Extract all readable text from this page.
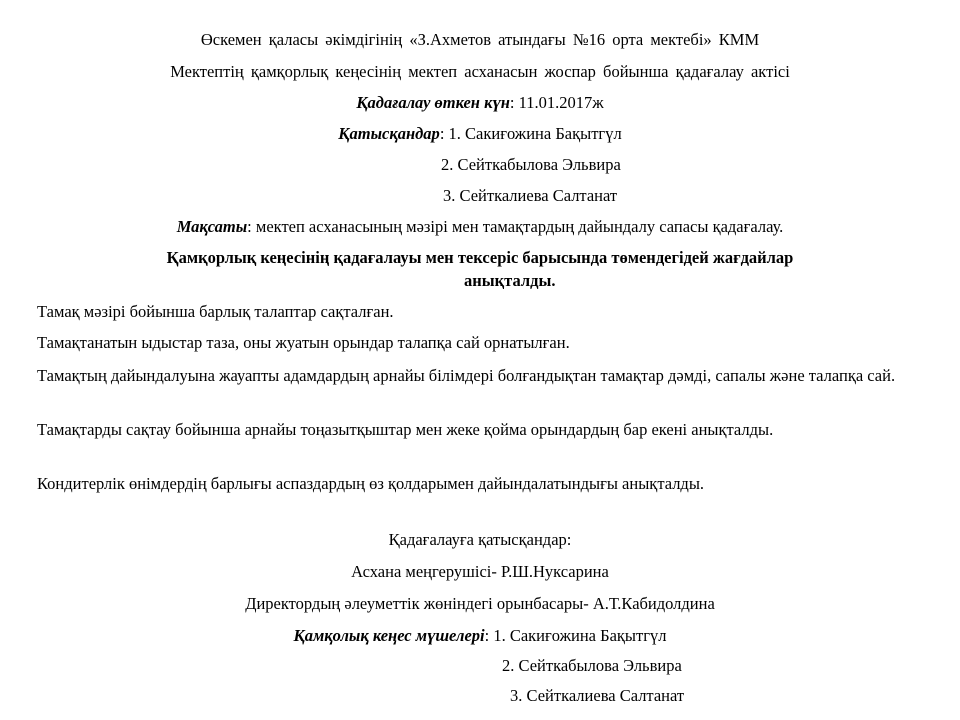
Өскемен қаласы әкімдігінің «З.Ахметов атындағы №16 орта мектебі» КММ
Мектептің қамқорлық кеңесінің мектеп асханасын жоспар бойынша қадағалау актісі
Қадағалау өткен күн: 11.01.2017ж
Қатысқандар: 1. Сакиғожина Бақытгүл
2. Сейткабылова Эльвира
3. Сейткалиева Салтанат
Мақсаты: мектеп асханасының мәзірі мен тамақтардың дайындалу сапасы қадағалау.
Қамқорлық кеңесінің қадағалауы мен тексеріс барысында төмендегідей жағдайлар
анықталды.
Тамақ мәзірі бойынша барлық талаптар сақталған.
Тамақтанатын ыдыстар таза, оны жуатын орындар талапқа сай орнатылған.
Тамақтың дайындалуына жауапты адамдардың арнайы білімдері болғандықтан тамақтар дәмді, сапалы және талапқа сай.
Тамақтарды сақтау бойынша арнайы тоңазытқыштар мен жеке қойма орындардың бар екені анықталды.
Кондитерлік өнімдердің барлығы аспаздардың өз қолдарымен дайындалатындығы анықталды.
Қадағалауға қатысқандар:
Асхана меңгерушісі- Р.Ш.Нуксарина
Директордың әлеуметтік жөніндегі орынбасары- А.Т.Кабидолдина
Қамқолық кеңес мүшелері: 1. Сакиғожина Бақытгүл
2. Сейткабылова Эльвира
3. Сейткалиева Салтанат
